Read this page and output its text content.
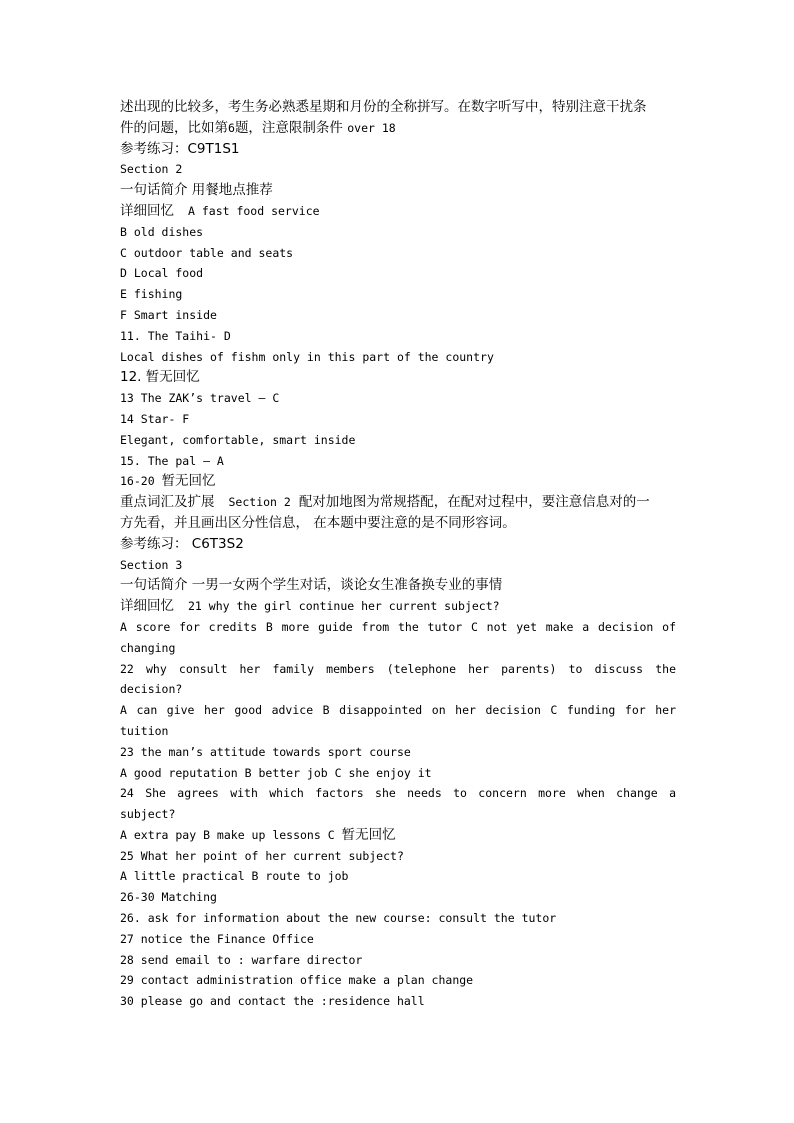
述出现的比较多，考生务必熟悉星期和月份的全称拼写。在数字听写中，特别注意干扰条

件的问题，比如第6题，注意限制条件 over 18

参考练习：C9T1S1

Section 2

一句话简介 用餐地点推荐

详细回忆 A fast food service

B old dishes

C outdoor table and seats

D Local food

E fishing

F Smart inside

11. The Taihi- D

Local dishes of fishm only in this part of the country

12. 暂无回忆

13 The ZAK’s travel – C

14 Star- F

Elegant, comfortable, smart inside

15. The pal – A

16-20 暂无回忆

重点词汇及扩展 Section 2 配对加地图为常规搭配，在配对过程中，要注意信息对的一

方先看，并且画出区分性信息， 在本题中要注意的是不同形容词。

参考练习： C6T3S2

Section 3

一句话简介 一男一女两个学生对话，谈论女生准备换专业的事情

详细回忆 21 why the girl continue her current subject?

A score for credits B more guide from the tutor C not yet make a decision of changing

22 why consult her family members (telephone her parents) to discuss the decision?

A can give her good advice B disappointed on her decision C funding for her tuition

23 the man’s attitude towards sport course

A good reputation B better job C she enjoy it

24 She agrees with which factors she needs to concern more when change a subject?

A extra pay B make up lessons C 暂无回忆

25 What her point of her current subject?

A little practical B route to job

26-30 Matching

26. ask for information about the new course: consult the tutor

27 notice the Finance Office

28 send email to : warfare director

29 contact administration office make a plan change

30 please go and contact the :residence hall
